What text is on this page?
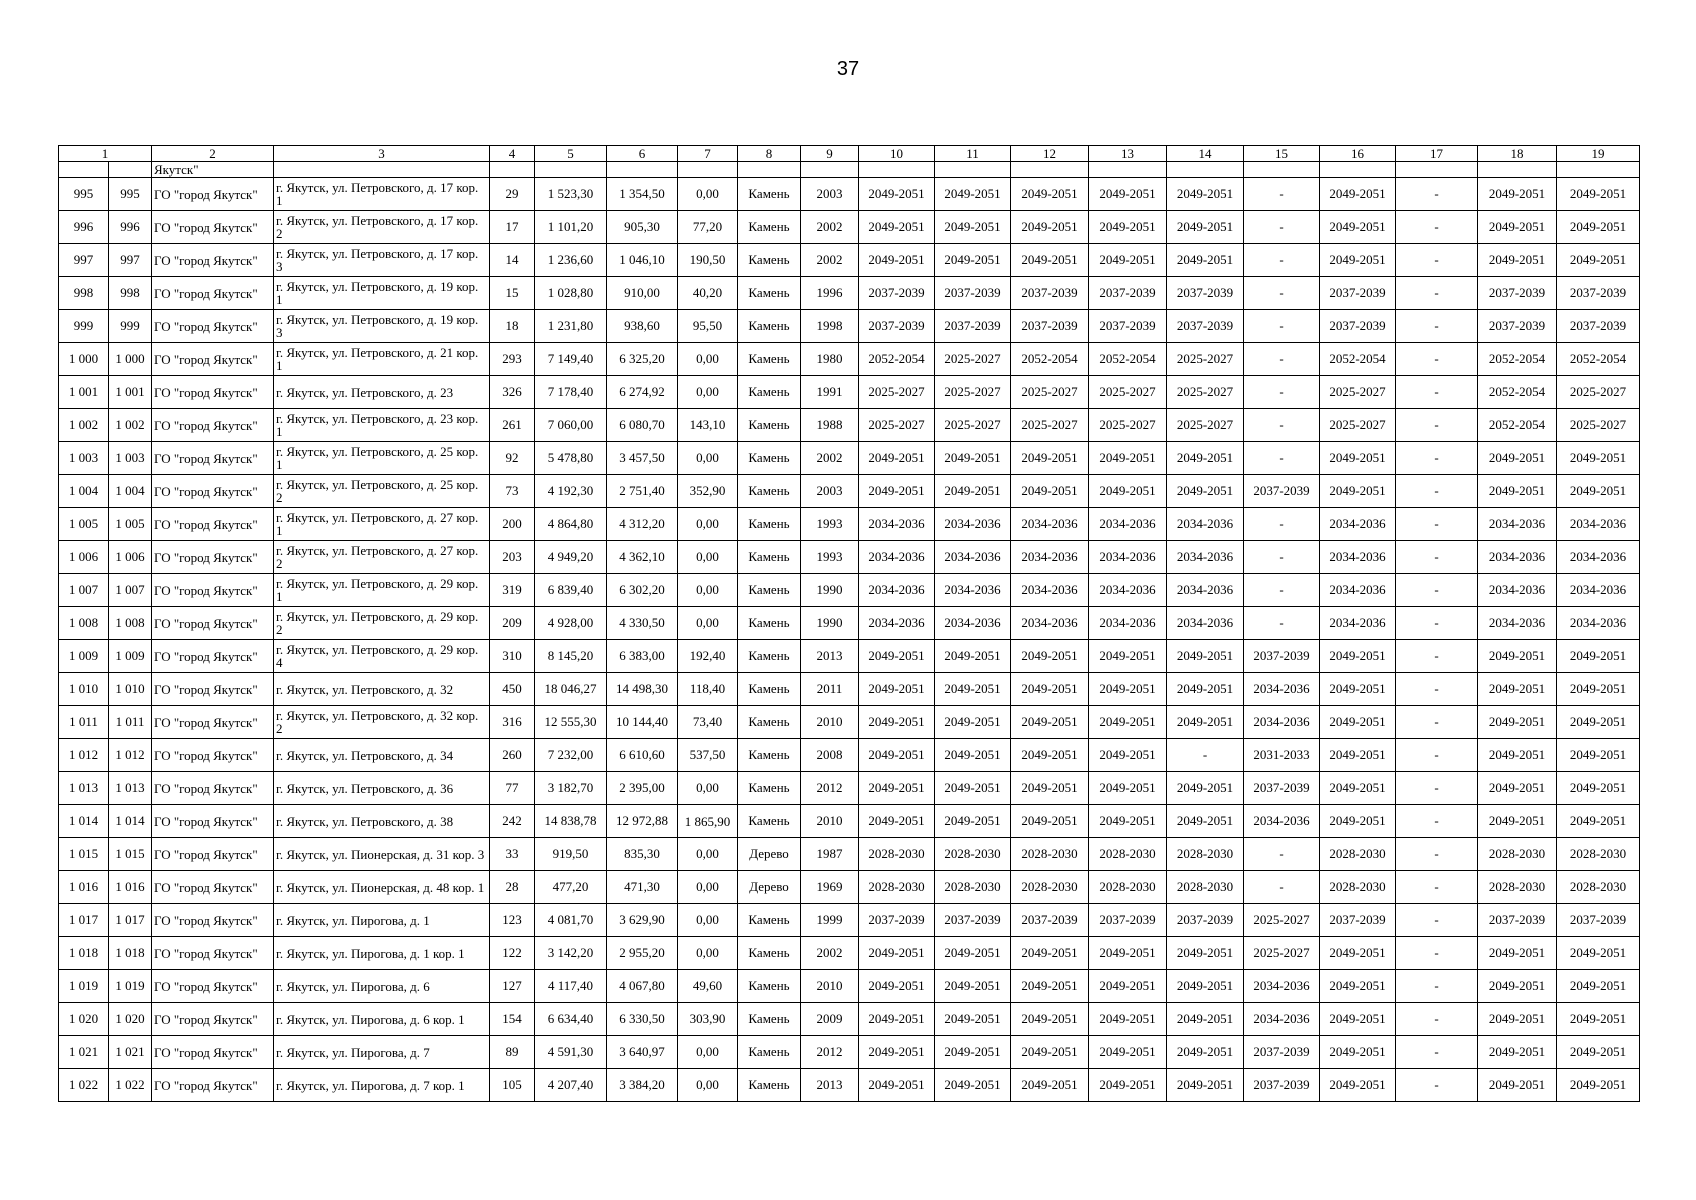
37
1		2	3	4	5	6	7	8	9	10	11	12	13	14	15	16	17	18	19
		Якутск"																	
995	995	ГО "город Якутск"	г. Якутск, ул. Петровского, д. 17 кор. 1	29	1 523,30	1 354,50	0,00	Камень	2003	2049-2051	2049-2051	2049-2051	2049-2051	2049-2051	-	2049-2051	-	2049-2051	2049-2051
996	996	ГО "город Якутск"	г. Якутск, ул. Петровского, д. 17 кор. 2	17	1 101,20	905,30	77,20	Камень	2002	2049-2051	2049-2051	2049-2051	2049-2051	2049-2051	-	2049-2051	-	2049-2051	2049-2051
997	997	ГО "город Якутск"	г. Якутск, ул. Петровского, д. 17 кор. 3	14	1 236,60	1 046,10	190,50	Камень	2002	2049-2051	2049-2051	2049-2051	2049-2051	2049-2051	-	2049-2051	-	2049-2051	2049-2051
998	998	ГО "город Якутск"	г. Якутск, ул. Петровского, д. 19 кор. 1	15	1 028,80	910,00	40,20	Камень	1996	2037-2039	2037-2039	2037-2039	2037-2039	2037-2039	-	2037-2039	-	2037-2039	2037-2039
999	999	ГО "город Якутск"	г. Якутск, ул. Петровского, д. 19 кор. 3	18	1 231,80	938,60	95,50	Камень	1998	2037-2039	2037-2039	2037-2039	2037-2039	2037-2039	-	2037-2039	-	2037-2039	2037-2039
1 000	1 000	ГО "город Якутск"	г. Якутск, ул. Петровского, д. 21 кор. 1	293	7 149,40	6 325,20	0,00	Камень	1980	2052-2054	2025-2027	2052-2054	2052-2054	2025-2027	-	2052-2054	-	2052-2054	2052-2054
1 001	1 001	ГО "город Якутск"	г. Якутск, ул. Петровского, д. 23	326	7 178,40	6 274,92	0,00	Камень	1991	2025-2027	2025-2027	2025-2027	2025-2027	2025-2027	-	2025-2027	-	2052-2054	2025-2027
1 002	1 002	ГО "город Якутск"	г. Якутск, ул. Петровского, д. 23 кор. 1	261	7 060,00	6 080,70	143,10	Камень	1988	2025-2027	2025-2027	2025-2027	2025-2027	2025-2027	-	2025-2027	-	2052-2054	2025-2027
1 003	1 003	ГО "город Якутск"	г. Якутск, ул. Петровского, д. 25 кор. 1	92	5 478,80	3 457,50	0,00	Камень	2002	2049-2051	2049-2051	2049-2051	2049-2051	2049-2051	-	2049-2051	-	2049-2051	2049-2051
1 004	1 004	ГО "город Якутск"	г. Якутск, ул. Петровского, д. 25 кор. 2	73	4 192,30	2 751,40	352,90	Камень	2003	2049-2051	2049-2051	2049-2051	2049-2051	2049-2051	2037-2039	2049-2051	-	2049-2051	2049-2051
1 005	1 005	ГО "город Якутск"	г. Якутск, ул. Петровского, д. 27 кор. 1	200	4 864,80	4 312,20	0,00	Камень	1993	2034-2036	2034-2036	2034-2036	2034-2036	2034-2036	-	2034-2036	-	2034-2036	2034-2036
1 006	1 006	ГО "город Якутск"	г. Якутск, ул. Петровского, д. 27 кор. 2	203	4 949,20	4 362,10	0,00	Камень	1993	2034-2036	2034-2036	2034-2036	2034-2036	2034-2036	-	2034-2036	-	2034-2036	2034-2036
1 007	1 007	ГО "город Якутск"	г. Якутск, ул. Петровского, д. 29 кор. 1	319	6 839,40	6 302,20	0,00	Камень	1990	2034-2036	2034-2036	2034-2036	2034-2036	2034-2036	-	2034-2036	-	2034-2036	2034-2036
1 008	1 008	ГО "город Якутск"	г. Якутск, ул. Петровского, д. 29 кор. 2	209	4 928,00	4 330,50	0,00	Камень	1990	2034-2036	2034-2036	2034-2036	2034-2036	2034-2036	-	2034-2036	-	2034-2036	2034-2036
1 009	1 009	ГО "город Якутск"	г. Якутск, ул. Петровского, д. 29 кор. 4	310	8 145,20	6 383,00	192,40	Камень	2013	2049-2051	2049-2051	2049-2051	2049-2051	2049-2051	2037-2039	2049-2051	-	2049-2051	2049-2051
1 010	1 010	ГО "город Якутск"	г. Якутск, ул. Петровского, д. 32	450	18 046,27	14 498,30	118,40	Камень	2011	2049-2051	2049-2051	2049-2051	2049-2051	2049-2051	2034-2036	2049-2051	-	2049-2051	2049-2051
1 011	1 011	ГО "город Якутск"	г. Якутск, ул. Петровского, д. 32 кор. 2	316	12 555,30	10 144,40	73,40	Камень	2010	2049-2051	2049-2051	2049-2051	2049-2051	2049-2051	2034-2036	2049-2051	-	2049-2051	2049-2051
1 012	1 012	ГО "город Якутск"	г. Якутск, ул. Петровского, д. 34	260	7 232,00	6 610,60	537,50	Камень	2008	2049-2051	2049-2051	2049-2051	2049-2051	-	2031-2033	2049-2051	-	2049-2051	2049-2051
1 013	1 013	ГО "город Якутск"	г. Якутск, ул. Петровского, д. 36	77	3 182,70	2 395,00	0,00	Камень	2012	2049-2051	2049-2051	2049-2051	2049-2051	2049-2051	2037-2039	2049-2051	-	2049-2051	2049-2051
1 014	1 014	ГО "город Якутск"	г. Якутск, ул. Петровского, д. 38	242	14 838,78	12 972,88	1 865,90	Камень	2010	2049-2051	2049-2051	2049-2051	2049-2051	2049-2051	2034-2036	2049-2051	-	2049-2051	2049-2051
1 015	1 015	ГО "город Якутск"	г. Якутск, ул. Пионерская, д. 31 кор. 3	33	919,50	835,30	0,00	Дерево	1987	2028-2030	2028-2030	2028-2030	2028-2030	2028-2030	-	2028-2030	-	2028-2030	2028-2030
1 016	1 016	ГО "город Якутск"	г. Якутск, ул. Пионерская, д. 48 кор. 1	28	477,20	471,30	0,00	Дерево	1969	2028-2030	2028-2030	2028-2030	2028-2030	2028-2030	-	2028-2030	-	2028-2030	2028-2030
1 017	1 017	ГО "город Якутск"	г. Якутск, ул. Пирогова, д. 1	123	4 081,70	3 629,90	0,00	Камень	1999	2037-2039	2037-2039	2037-2039	2037-2039	2037-2039	2025-2027	2037-2039	-	2037-2039	2037-2039
1 018	1 018	ГО "город Якутск"	г. Якутск, ул. Пирогова, д. 1 кор. 1	122	3 142,20	2 955,20	0,00	Камень	2002	2049-2051	2049-2051	2049-2051	2049-2051	2049-2051	2025-2027	2049-2051	-	2049-2051	2049-2051
1 019	1 019	ГО "город Якутск"	г. Якутск, ул. Пирогова, д. 6	127	4 117,40	4 067,80	49,60	Камень	2010	2049-2051	2049-2051	2049-2051	2049-2051	2049-2051	2034-2036	2049-2051	-	2049-2051	2049-2051
1 020	1 020	ГО "город Якутск"	г. Якутск, ул. Пирогова, д. 6 кор. 1	154	6 634,40	6 330,50	303,90	Камень	2009	2049-2051	2049-2051	2049-2051	2049-2051	2049-2051	2034-2036	2049-2051	-	2049-2051	2049-2051
1 021	1 021	ГО "город Якутск"	г. Якутск, ул. Пирогова, д. 7	89	4 591,30	3 640,97	0,00	Камень	2012	2049-2051	2049-2051	2049-2051	2049-2051	2049-2051	2037-2039	2049-2051	-	2049-2051	2049-2051
1 022	1 022	ГО "город Якутск"	г. Якутск, ул. Пирогова, д. 7 кор. 1	105	4 207,40	3 384,20	0,00	Камень	2013	2049-2051	2049-2051	2049-2051	2049-2051	2049-2051	2037-2039	2049-2051	-	2049-2051	2049-2051
